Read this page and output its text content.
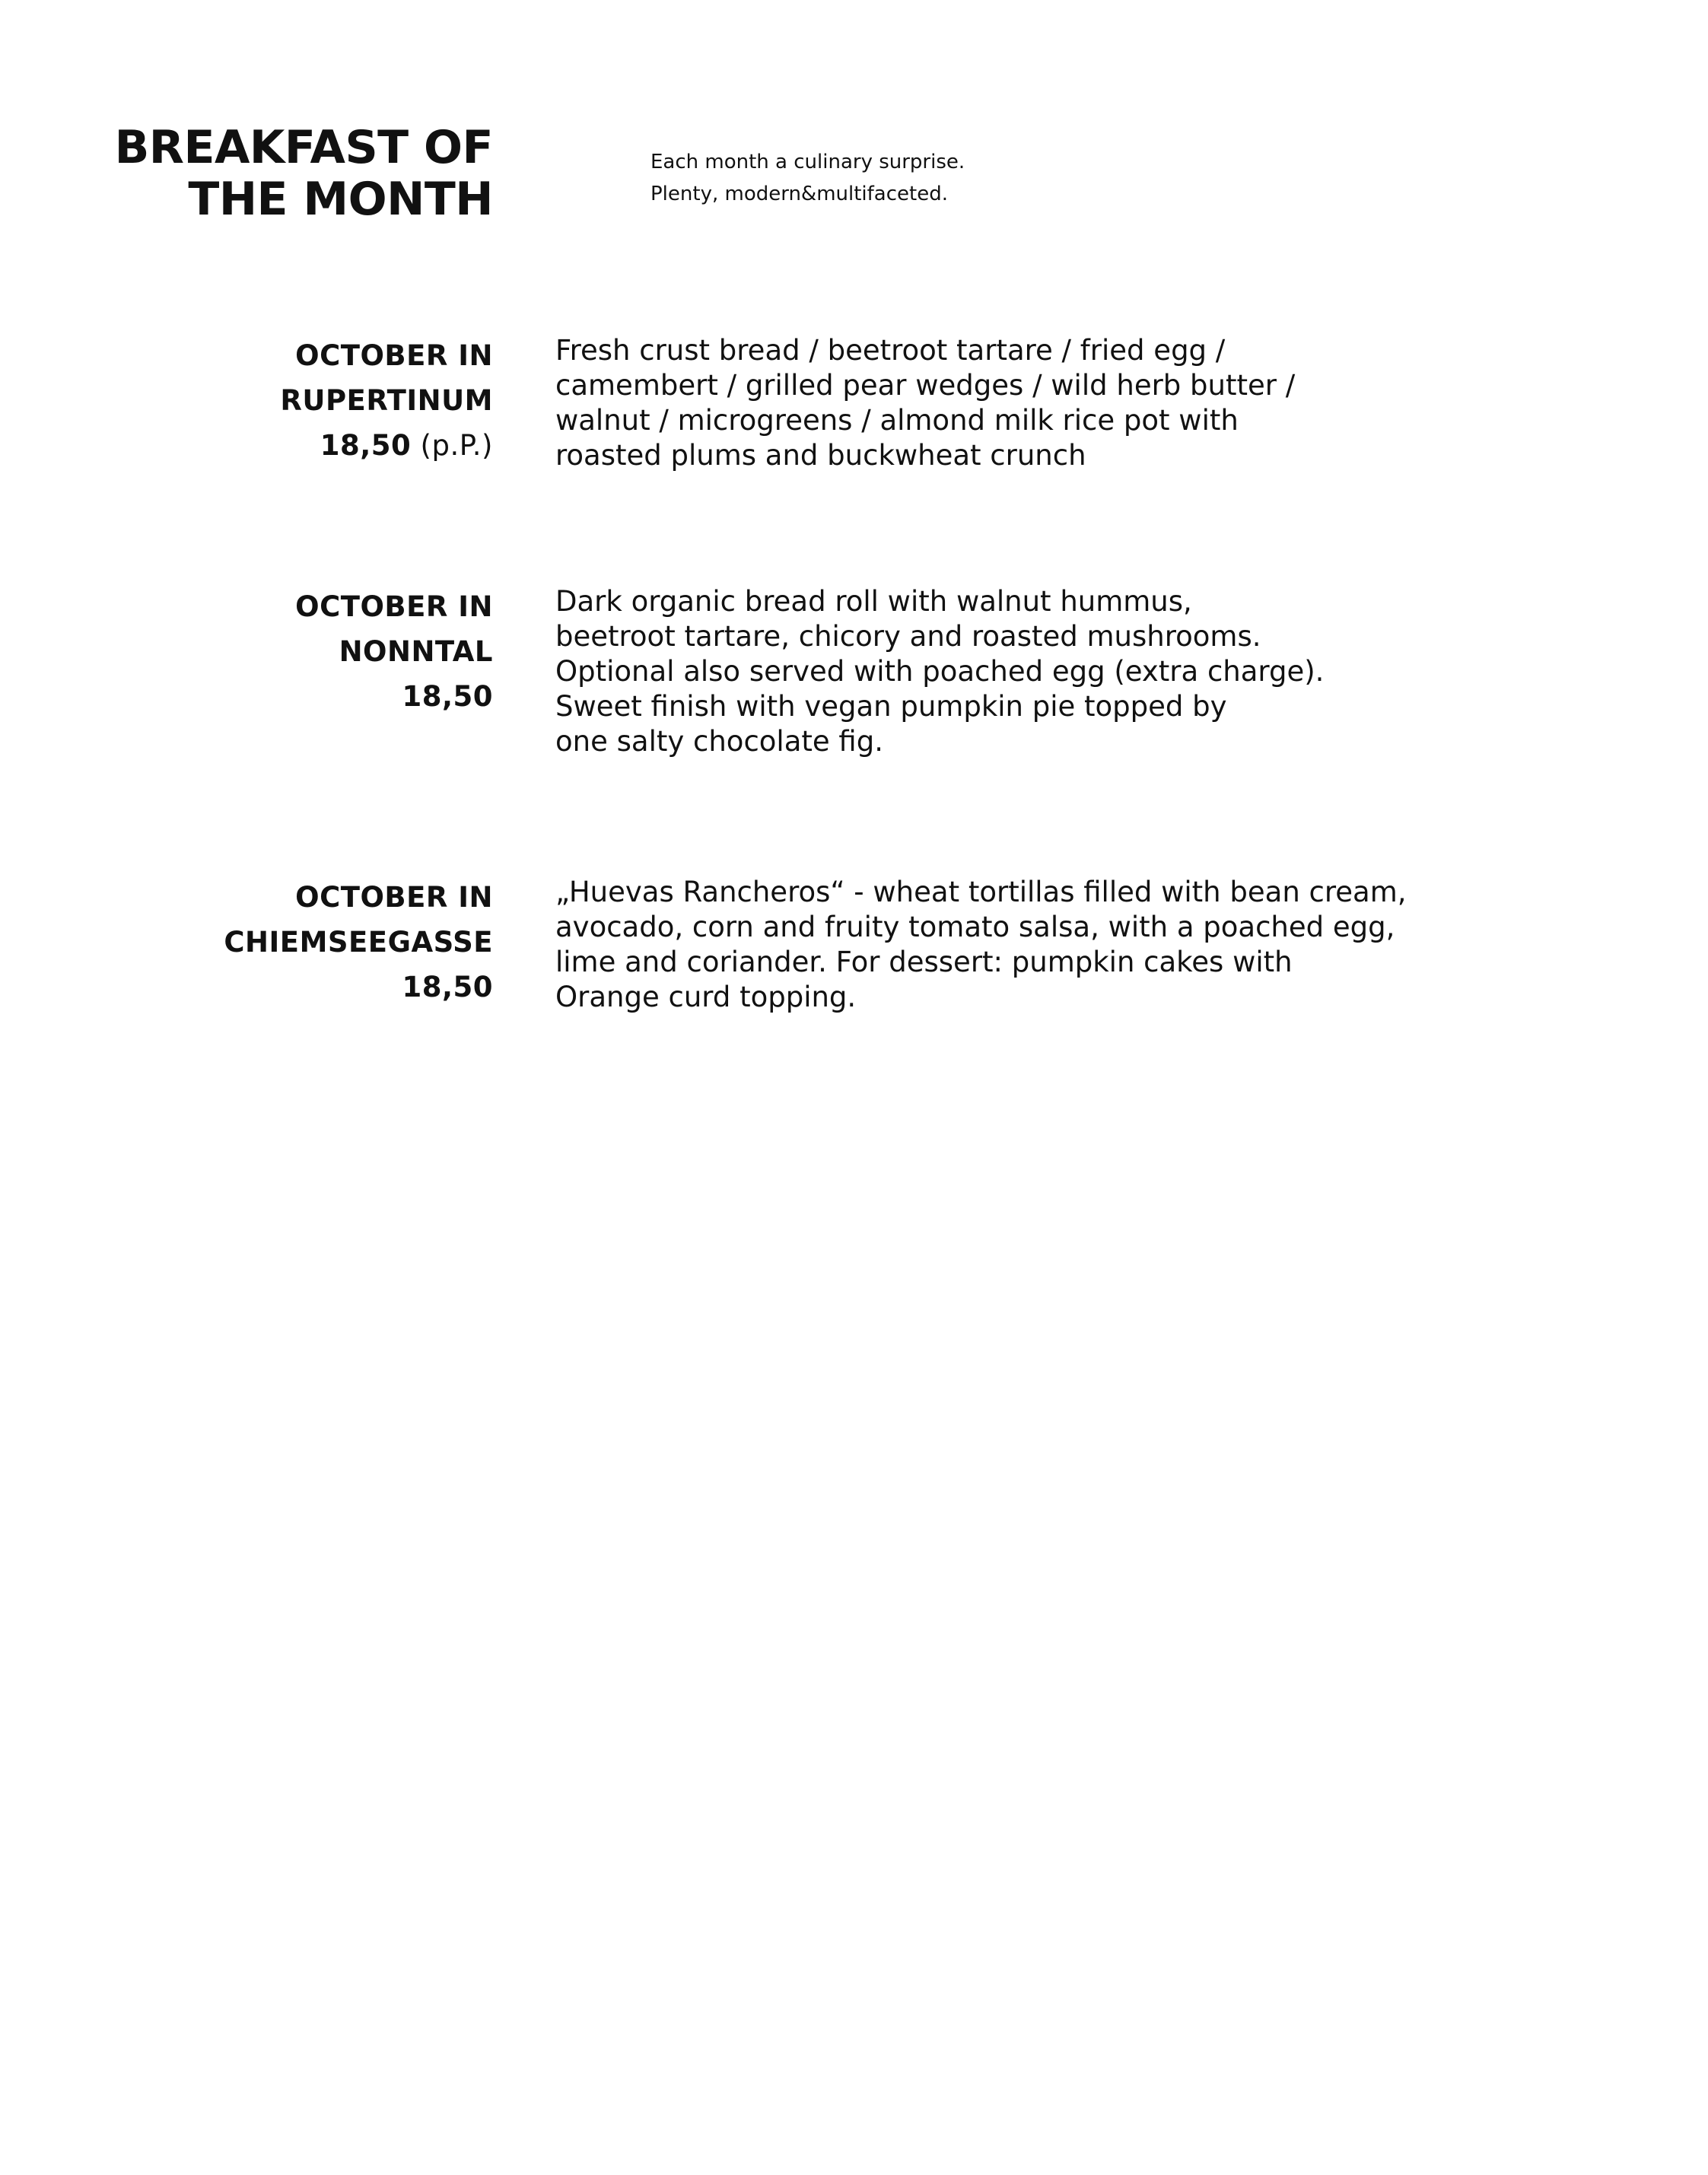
BREAKFAST OF
THE MONTH
Each month a culinary surprise.
Plenty, modern&multifaceted.
OCTOBER IN
RUPERTINUM
18,50 (p.P.)
Fresh crust bread / beetroot tartare / fried egg /
camembert / grilled pear wedges / wild herb butter /
walnut / microgreens / almond milk rice pot with
roasted plums and buckwheat crunch
OCTOBER IN
NONNTAL
18,50
Dark organic bread roll with walnut hummus,
beetroot tartare, chicory and roasted mushrooms.
Optional also served with poached egg (extra charge).
Sweet finish with vegan pumpkin pie topped by
one salty chocolate fig.
OCTOBER IN
CHIEMSEEGASSE
18,50
„Huevas Rancheros“ - wheat tortillas filled with bean cream,
avocado, corn and fruity tomato salsa, with a poached egg,
lime and coriander. For dessert: pumpkin cakes with
Orange curd topping.
